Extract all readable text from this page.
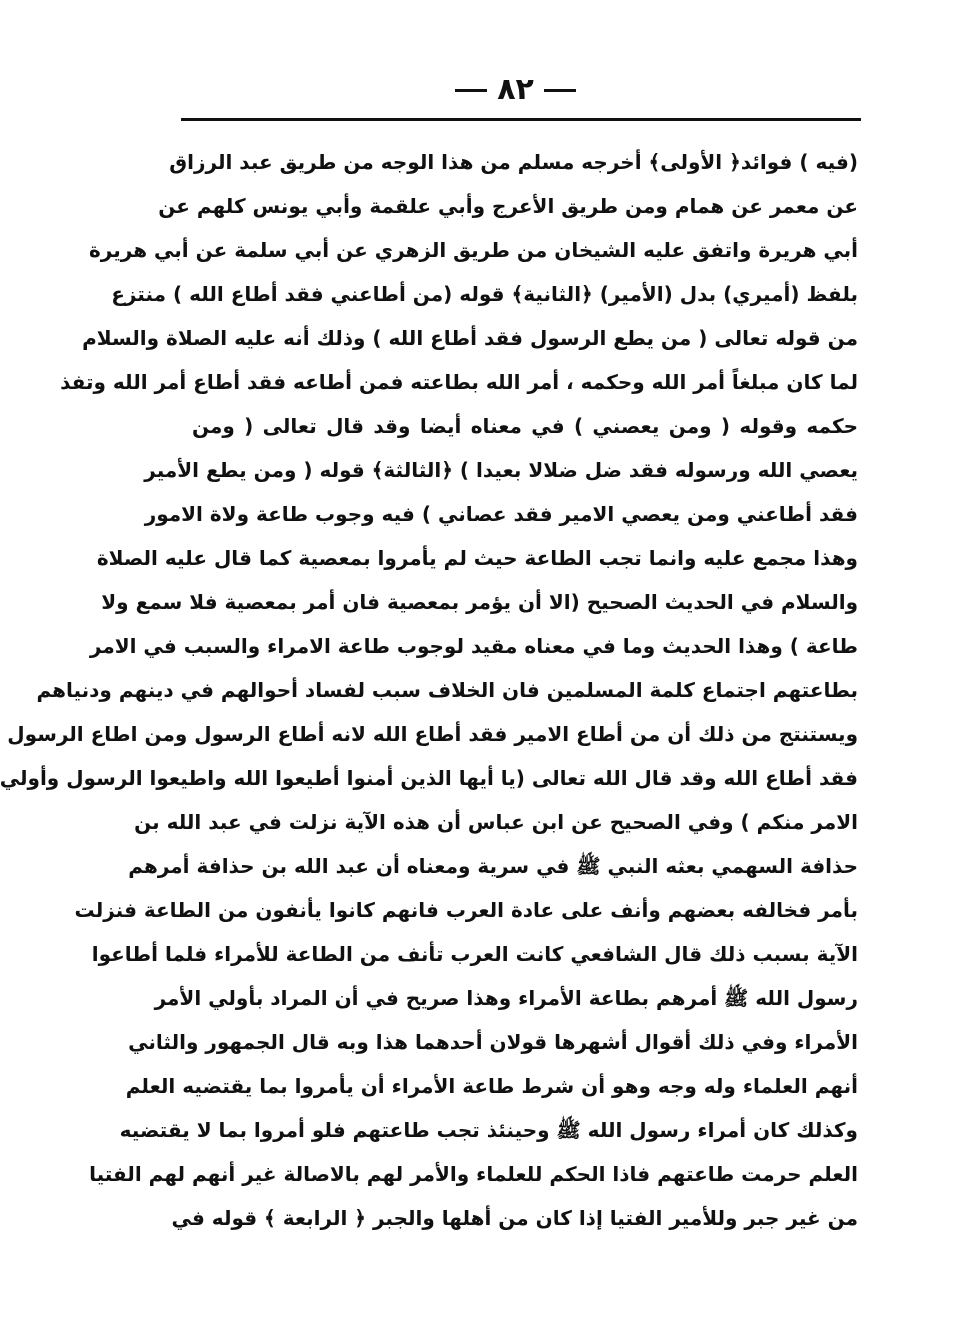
٨٢
(فيه ) فوائد﴿ الأولى﴾ أخرجه مسلم من هذا الوجه من طريق عبد الرزاق
عن معمر عن همام ومن طريق الأعرج وأبي علقمة وأبي يونس كلهم عن
أبي هريرة واتفق عليه الشيخان من طريق الزهري عن أبي سلمة عن أبي هريرة
بلفظ (أميري) بدل (الأمير) ﴿الثانية﴾ قوله (من أطاعني فقد أطاع الله ) منتزع
من قوله تعالى ( من يطع الرسول فقد أطاع الله ) وذلك أنه عليه الصلاة والسلام
لما كان مبلغاً أمر الله وحكمه ، أمر الله بطاعته فمن أطاعه فقد أطاع أمر الله وتفذ
حكمه وقوله ( ومن يعصني ) في معناه أيضا وقد قال تعالى ( ومن
يعصي الله ورسوله فقد ضل ضلالا بعيدا ) ﴿الثالثة﴾ قوله ( ومن يطع الأمير
فقد أطاعني ومن يعصي الامير فقد عصاني ) فيه وجوب طاعة ولاة الامور
وهذا مجمع عليه وانما تجب الطاعة حيث لم يأمروا بمعصية كما قال عليه الصلاة
والسلام في الحديث الصحيح (الا أن يؤمر بمعصية فان أمر بمعصية فلا سمع ولا
طاعة ) وهذا الحديث وما في معناه مقيد لوجوب طاعة الامراء والسبب في الامر
بطاعتهم اجتماع كلمة المسلمين فان الخلاف سبب لفساد أحوالهم في دينهم ودنياهم
ويستنتج من ذلك أن من أطاع الامير فقد أطاع الله لانه أطاع الرسول ومن اطاع الرسول
فقد أطاع الله وقد قال الله تعالى (يا أيها الذين أمنوا أطيعوا الله واطيعوا الرسول وأولي
الامر منكم ) وفي الصحيح عن ابن عباس أن هذه الآية نزلت في عبد الله بن
حذافة السهمي بعثه النبي ﷺ في سرية ومعناه أن عبد الله بن حذافة أمرهم
بأمر فخالفه بعضهم وأنف على عادة العرب فانهم كانوا يأنفون من الطاعة فنزلت
الآية بسبب ذلك قال الشافعي كانت العرب تأنف من الطاعة للأمراء فلما أطاعوا
رسول الله ﷺ أمرهم بطاعة الأمراء وهذا صريح في أن المراد بأولي الأمر
الأمراء وفي ذلك أقوال أشهرها قولان أحدهما هذا وبه قال الجمهور والثاني
أنهم العلماء وله وجه وهو أن شرط طاعة الأمراء أن يأمروا بما يقتضيه العلم
وكذلك كان أمراء رسول الله ﷺ وحينئذ تجب طاعتهم فلو أمروا بما لا يقتضيه
العلم حرمت طاعتهم فاذا الحكم للعلماء والأمر لهم بالاصالة غير أنهم لهم الفتيا
من غير جبر وللأمير الفتيا إذا كان من أهلها والجبر ﴿ الرابعة ﴾ قوله في
